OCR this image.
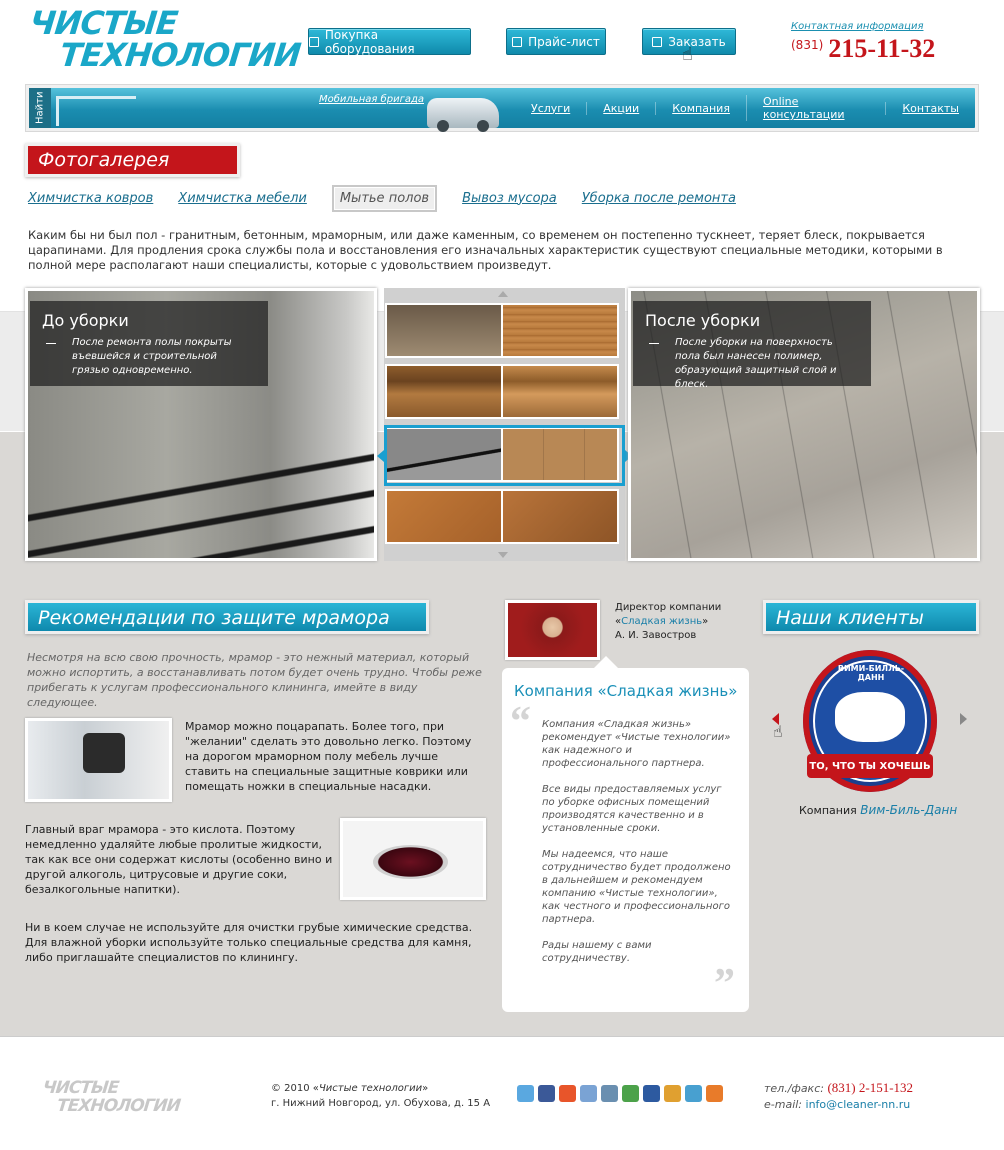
ЧИСТЫЕ
ТЕХНОЛОГИИ
Покупка оборудования	Прайс-лист	Заказать
☝
Контактная информация
$^{(831)}$ 215-11-32
Найти	Мобильная бригада
Услуги	Акции	Компания	Online консультации	Контакты
Фотогалерея
Химчистка ковров Химчистка мебели	Мытье полов	Вывоз мусора Уборка после ремонта

Каким бы ни был пол - гранитным, бетонным, мраморным, или даже каменным, со временем он постепенно тускнеет, теряет блеск, покрывается царапинами. Для продления срока службы пола и восстановления его изначальных характеристик существуют специальные методики, которыми в полной мере располагают наши специалисты, которые с удовольствием произведут.

До уборки

После ремонта полы покрыты въевшейся и строительной грязью одновременно.

После уборки

После уборки на поверхность пола был нанесен полимер, образующий защитный слой и блеск.

Рекомендации по защите мрамора

Несмотря на всю свою прочность, мрамор - это нежный материал, который можно испортить, а восстанавливать потом будет очень трудно. Чтобы реже прибегать к услугам профессионального клининга, имейте в виду следующее.

Мрамор можно поцарапать. Более того, при "желании" сделать это довольно легко. Поэтому на дорогом мраморном полу мебель лучше ставить на специальные защитные коврики или помещать ножки в специальные насадки.

Главный враг мрамора - это кислота. Поэтому немедленно удаляйте любые пролитые жидкости, так как все они содержат кислоты (особенно вино и другой алкоголь, цитрусовые и другие соки, безалкогольные напитки).

Ни в коем случае не используйте для очистки грубые химические средства. Для влажной уборки используйте только специальные средства для камня, либо приглашайте специалистов по клинингу.

Директор компании
«Сладкая жизнь»
А. И. Завостров
Компания «Сладкая жизнь»
“ Компания «Сладкая жизнь» рекомендует «Чистые технологии» как надежного и профессионального партнера.

Все виды предоставляемых услуг по уборке офисных помещений производятся качественно и в установленные сроки.

Мы надеемся, что наше сотрудничество будет продолжено в дальнейшем и рекомендуем компанию «Чистые технологии», как честного и профессионального партнера.

Рады нашему с вами сотрудничеству.

”
Наши клиенты
ВИМИ-БИЛЛЬ-ДАНН
ТО, ЧТО ТЫ ХОЧЕШЬ
☝
Компания Вим-Биль-Данн
ЧИСТЫЕ
ТЕХНОЛОГИИ
© 2010 «Чистые технологии»
г. Нижний Новгород, ул. Обухова, д. 15 А
тел./факс: (831) 2-151-132
e-mail: info@cleaner-nn.ru
